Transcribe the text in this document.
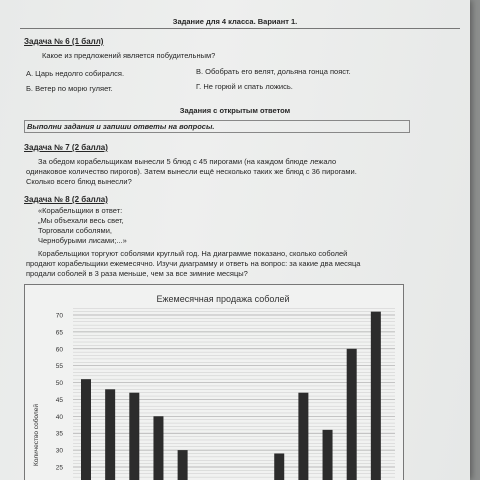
Задание для 4 класса. Вариант 1.
Задача № 6 (1 балл)
Какое из предложений является побудительным?
А. Царь недолго собирался.	В. Обобрать его велят, дольяна гонца пояст.
Б. Ветер по морю гуляет.	Г. Не горюй и спать ложись.
Задания с открытым ответом
Выполни задания и запиши ответы на вопросы.
Задача № 7 (2 балла)
За обедом корабельщикам вынесли 5 блюд с 45 пирогами (на каждом блюде лежало
одинаковое количество пирогов). Затем вынесли ещё несколько таких же блюд с 36 пирогами.
Сколько всего блюд вынесли?
Задача № 8 (2 балла)
«Корабельщики в ответ:
„Мы объехали весь свет,
Торговали соболями,
Чернобурыми лисами;...»
Корабельщики торгуют соболями круглый год. На диаграмме показано, сколько соболей
продают корабельщики ежемесячно. Изучи диаграмму и ответь на вопрос: за какие два месяца
продали соболей в 3 раза меньше, чем за все зимние месяцы?
Ежемесячная продажа соболей
Количество соболей
70
65
60
55
50
45
40
35
30
25
